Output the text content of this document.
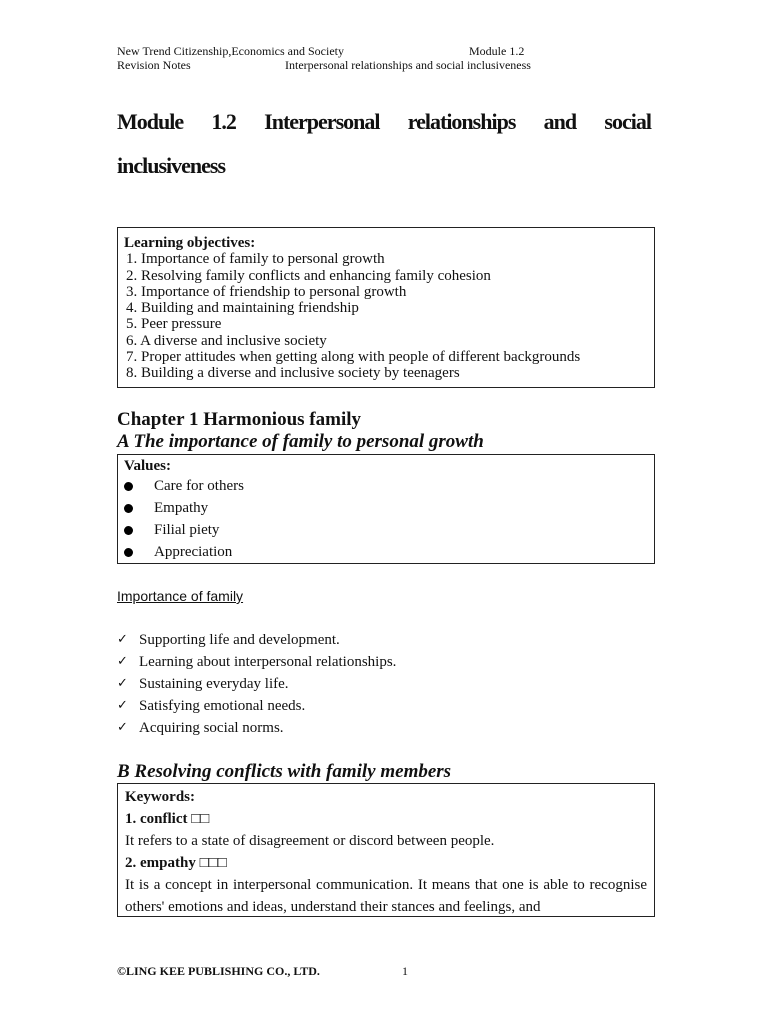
New Trend Citizenship,Economics and Society	Module 1.2
Revision Notes	Interpersonal relationships and social inclusiveness
Module 1.2 Interpersonal relationships and social
inclusiveness
Learning objectives:
1. Importance of family to personal growth
2. Resolving family conflicts and enhancing family cohesion
3. Importance of friendship to personal growth
4. Building and maintaining friendship
5. Peer pressure
6. A diverse and inclusive society
7. Proper attitudes when getting along with people of different backgrounds
8. Building a diverse and inclusive society by teenagers
Chapter 1 Harmonious family
A The importance of family to personal growth
Values:
Care for others
Empathy
Filial piety
Appreciation
Importance of family
✓ Supporting life and development.
✓ Learning about interpersonal relationships.
✓ Sustaining everyday life.
✓ Satisfying emotional needs.
✓ Acquiring social norms.
B Resolving conflicts with family members
Keywords:
1. conflict □□
It refers to a state of disagreement or discord between people.
2. empathy □□□
It is a concept in interpersonal communication. It means that one is able to recognise others' emotions and ideas, understand their stances and feelings, and
©LING KEE PUBLISHING CO., LTD.	1
